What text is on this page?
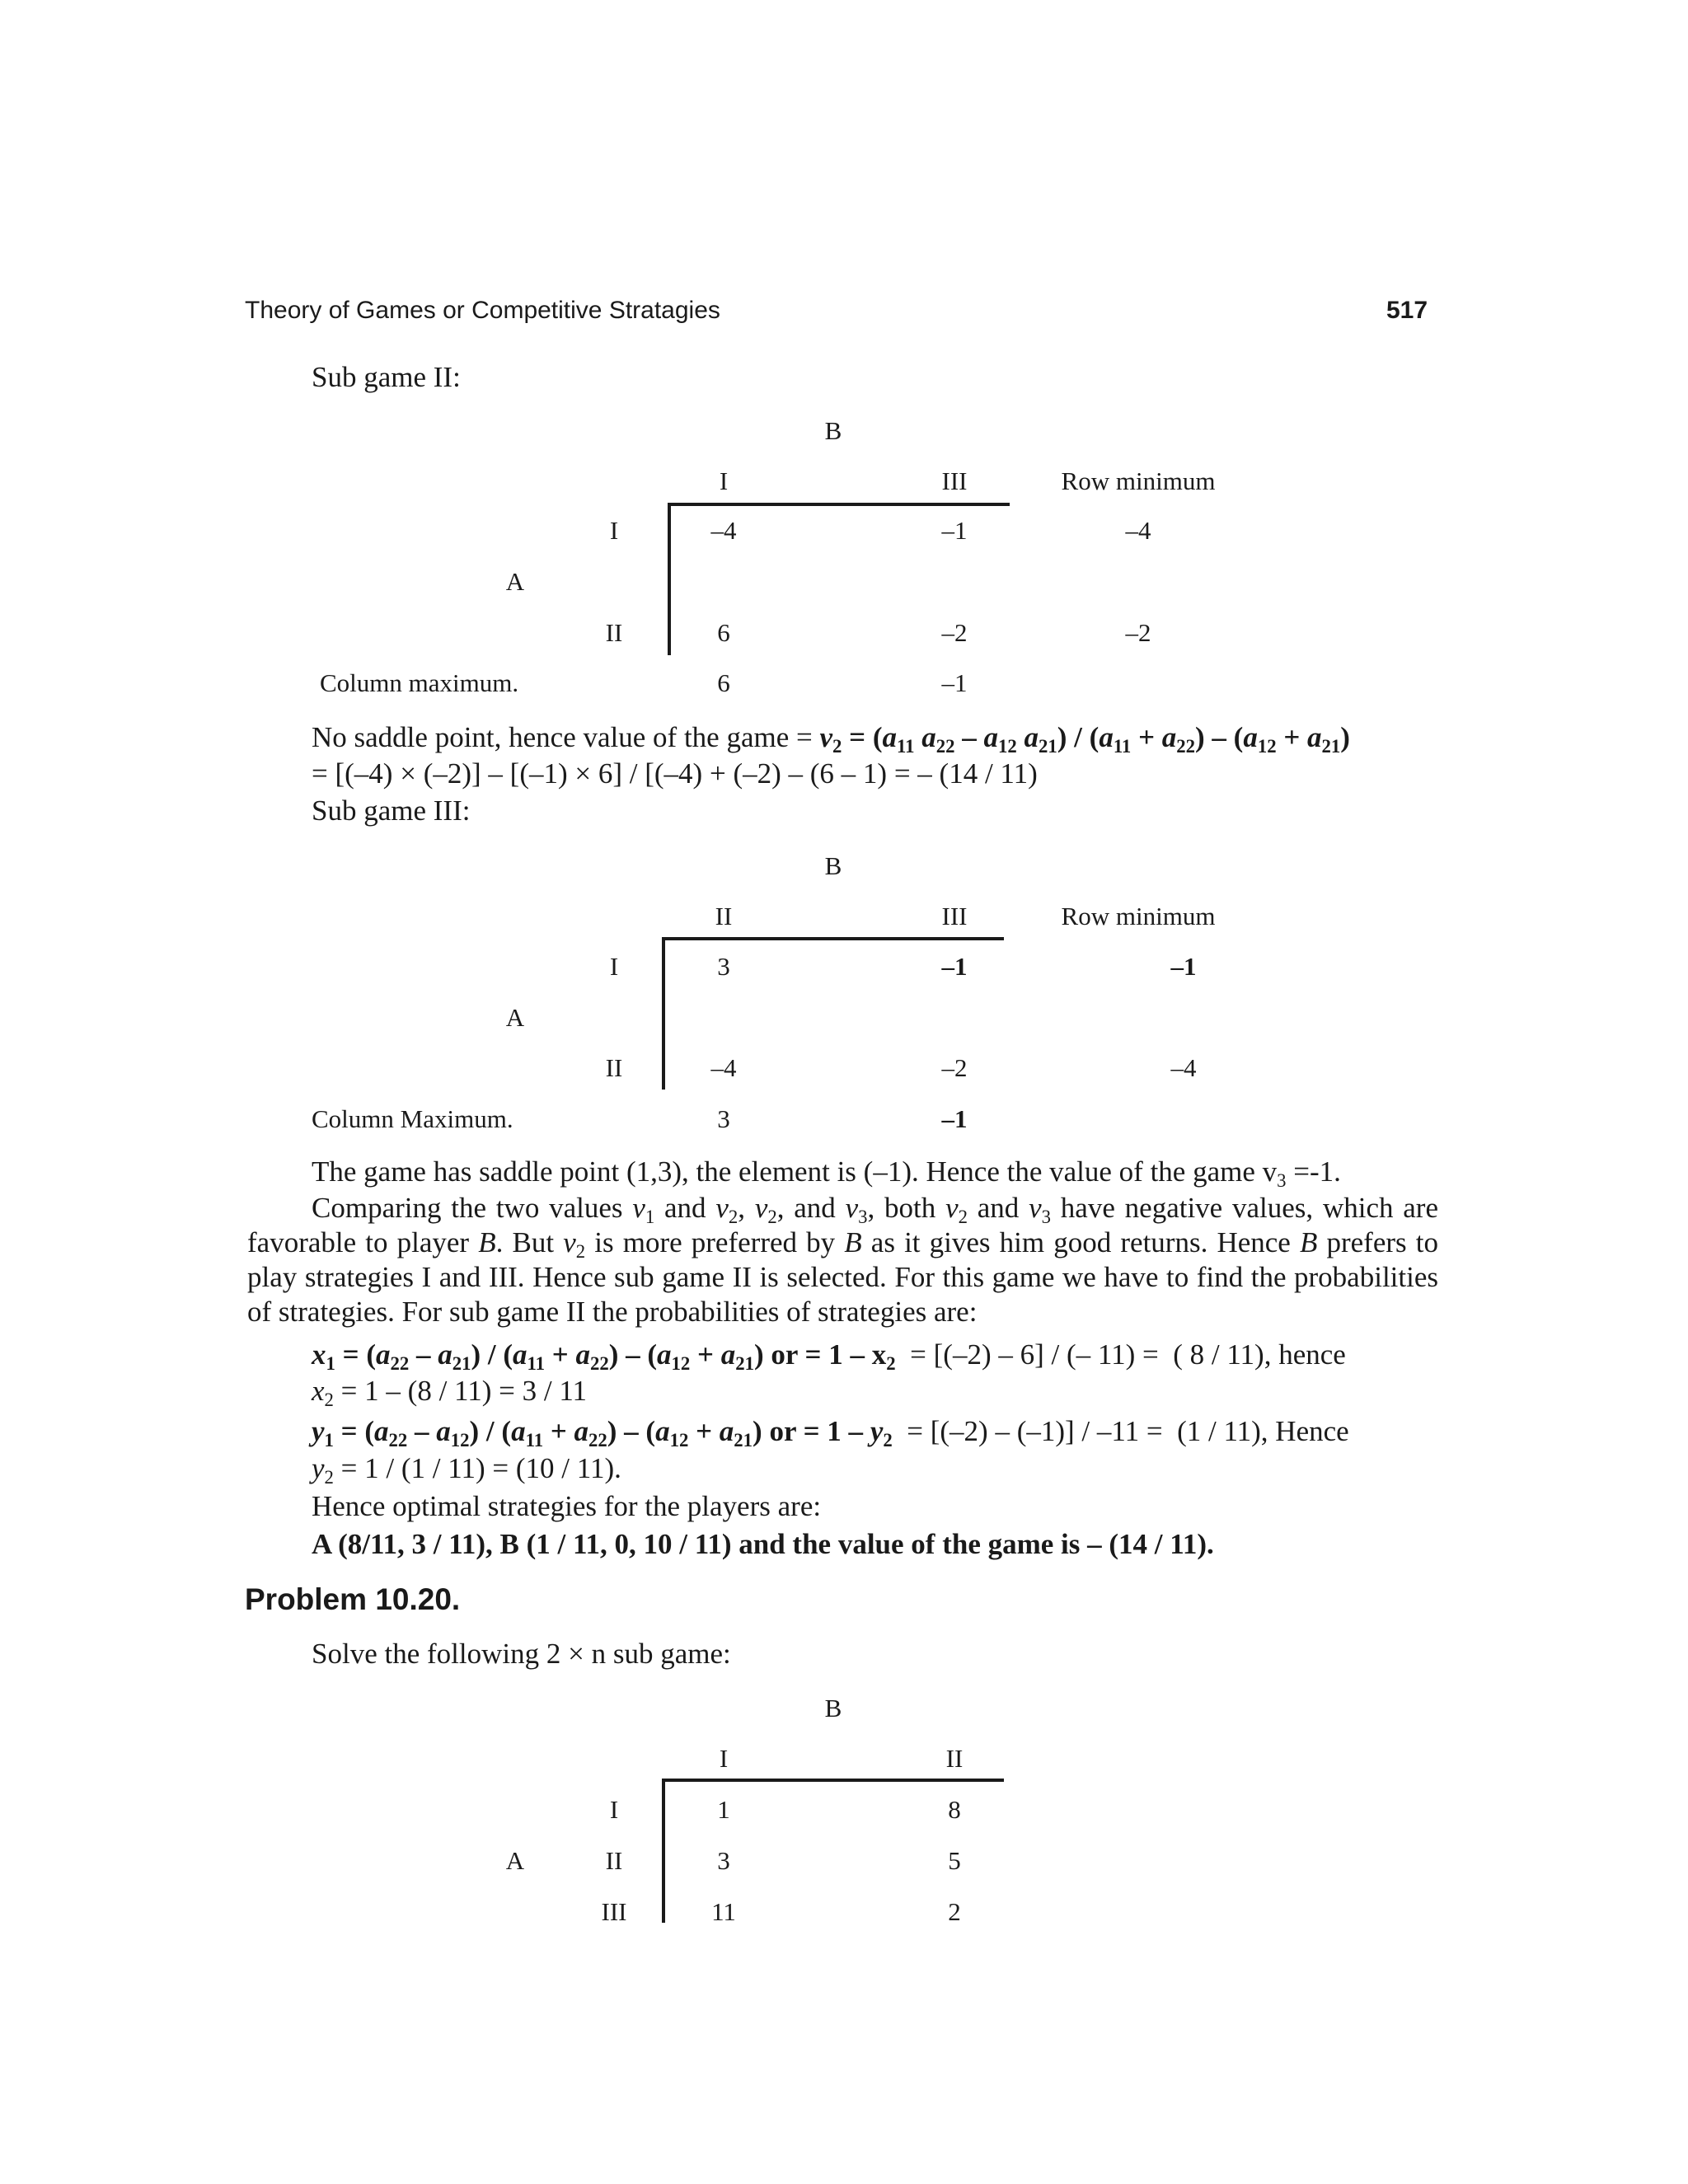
Theory of Games or Competitive Stratagies	517
Sub game II:
B
I	III	Row minimum
I	–4	–1	–4
A
II	6	–2	–2
Column maximum.	6	–1
No saddle point, hence value of the game = $v_2 = (a_{11}$ $a_{22} - a_{12}$ $a_{21}) / (a_{11} + a_{22}) - (a_{12} + a_{21})$
= [(–4) × (–2)] – [(–1) × 6] / [(–4) + (–2) – (6 – 1) = – (14 / 11)
Sub game III:
B
II	III	Row minimum
I	3	–1	–1
A
II	–4	–2	–4
Column Maximum.	3	–1
The game has saddle point (1,3), the element is (–1). Hence the value of the game $v_3 =-1$.
Comparing the two values $v_1$ and $v_2$, $v_2$, and $v_3$, both $v_2$ and $v_3$ have negative values, which are favorable to player B. But $v_2$ is more preferred by B as it gives him good returns. Hence B prefers to play strategies I and III. Hence sub game II is selected. For this game we have to find the probabilities of strategies. For sub game II the probabilities of strategies are:
$x_1 = (a_{22} - a_{21}) / (a_{11} + a_{22}) - (a_{12} + a_{21})$ or = $1 - x_2 = [(-2) - 6]$ / (– 11) =  ( 8 / 11), hence
$x_2 = 1 - (8 / 11) = 3 / 11$
$y_1 = (a_{22} - a_{12}) / (a_{11} + a_{22}) - (a_{12} + a_{21})$ or = $1 - y_2 = [(-2) - (-1)] / -11 = (1 / 11)$, Hence
$y_2 = 1 / (1 / 11) = (10 / 11)$.
Hence optimal strategies for the players are:
A (8/11, 3 / 11), B (1 / 11, 0, 10 / 11) and the value of the game is – (14 / 11).
Problem 10.20.
Solve the following 2 × n sub game:
B
I	II
I	1	8
A	II	3	5
III	11	2
